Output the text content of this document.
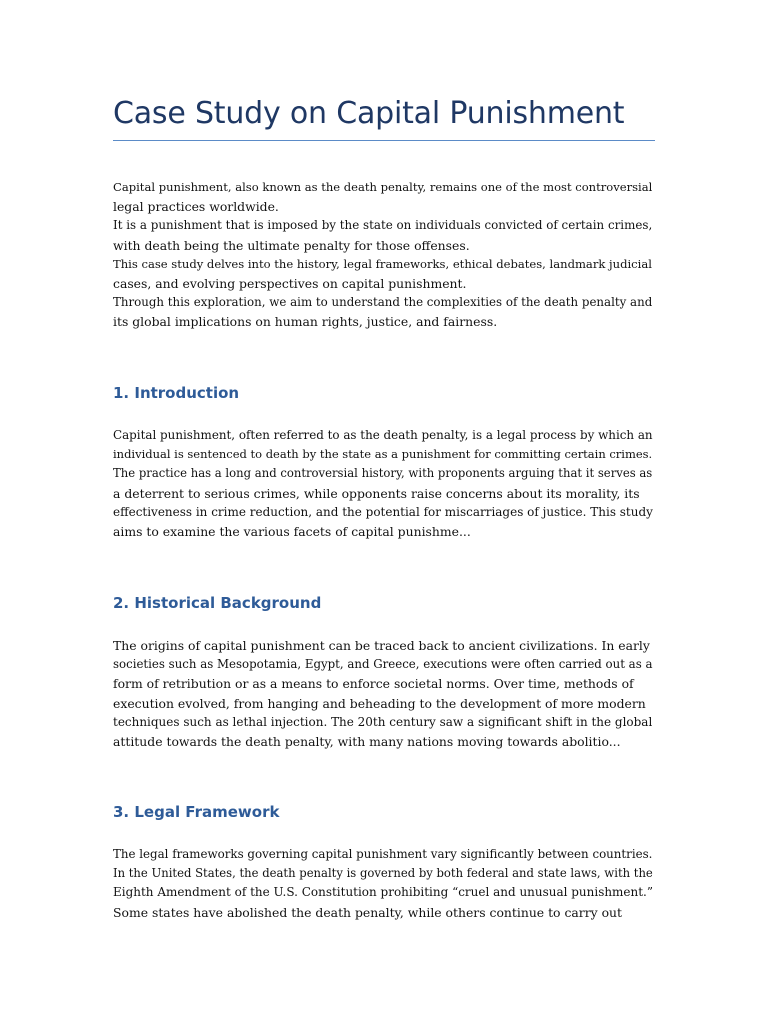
Case Study on Capital Punishment

Capital punishment, also known as the death penalty, remains one of the most controversial
legal practices worldwide.
It is a punishment that is imposed by the state on individuals convicted of certain crimes,
with death being the ultimate penalty for those offenses.
This case study delves into the history, legal frameworks, ethical debates, landmark judicial
cases, and evolving perspectives on capital punishment.
Through this exploration, we aim to understand the complexities of the death penalty and
its global implications on human rights, justice, and fairness.

1. Introduction

Capital punishment, often referred to as the death penalty, is a legal process by which an
individual is sentenced to death by the state as a punishment for committing certain crimes.
The practice has a long and controversial history, with proponents arguing that it serves as
a deterrent to serious crimes, while opponents raise concerns about its morality, its
effectiveness in crime reduction, and the potential for miscarriages of justice. This study
aims to examine the various facets of capital punishme...

2. Historical Background

The origins of capital punishment can be traced back to ancient civilizations. In early
societies such as Mesopotamia, Egypt, and Greece, executions were often carried out as a
form of retribution or as a means to enforce societal norms. Over time, methods of
execution evolved, from hanging and beheading to the development of more modern
techniques such as lethal injection. The 20th century saw a significant shift in the global
attitude towards the death penalty, with many nations moving towards abolitio...

3. Legal Framework

The legal frameworks governing capital punishment vary significantly between countries.
In the United States, the death penalty is governed by both federal and state laws, with the
Eighth Amendment of the U.S. Constitution prohibiting “cruel and unusual punishment.”
Some states have abolished the death penalty, while others continue to carry out
